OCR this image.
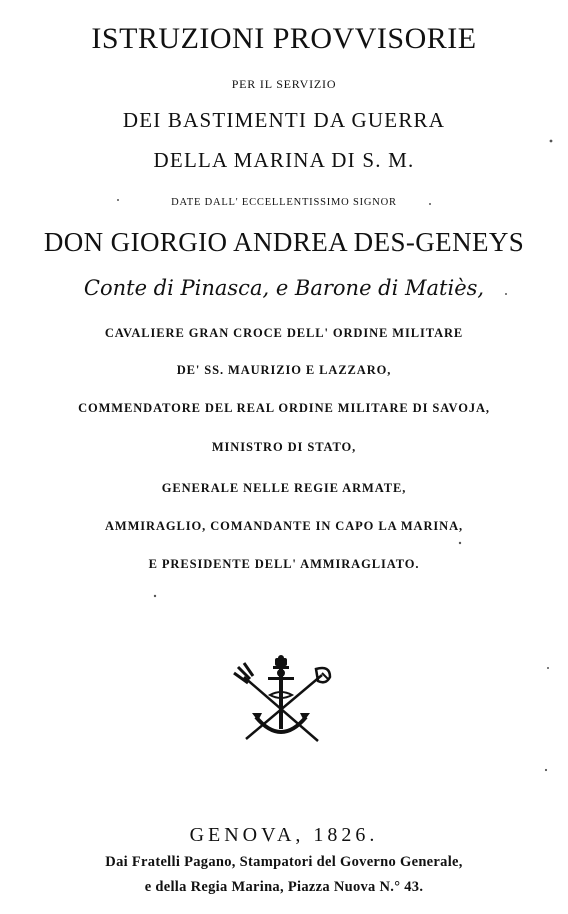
ISTRUZIONI PROVVISORIE
PER IL SERVIZIO
DEI BASTIMENTI DA GUERRA
DELLA MARINA DI S. M.
DATE DALL' ECCELLENTISSIMO SIGNOR
DON GIORGIO ANDREA DES-GENEYS
Conte di Pinasca, e Barone di Matiès,
CAVALIERE GRAN CROCE DELL' ORDINE MILITARE
DE' SS. MAURIZIO E LAZZARO,
COMMENDATORE DEL REAL ORDINE MILITARE DI SAVOJA,
MINISTRO DI STATO,
GENERALE NELLE REGIE ARMATE,
AMMIRAGLIO, COMANDANTE IN CAPO LA MARINA,
E PRESIDENTE DELL' AMMIRAGLIATO.
GENOVA, 1826.
Dai Fratelli Pagano, Stampatori del Governo Generale,
e della Regia Marina, Piazza Nuova N.° 43.
